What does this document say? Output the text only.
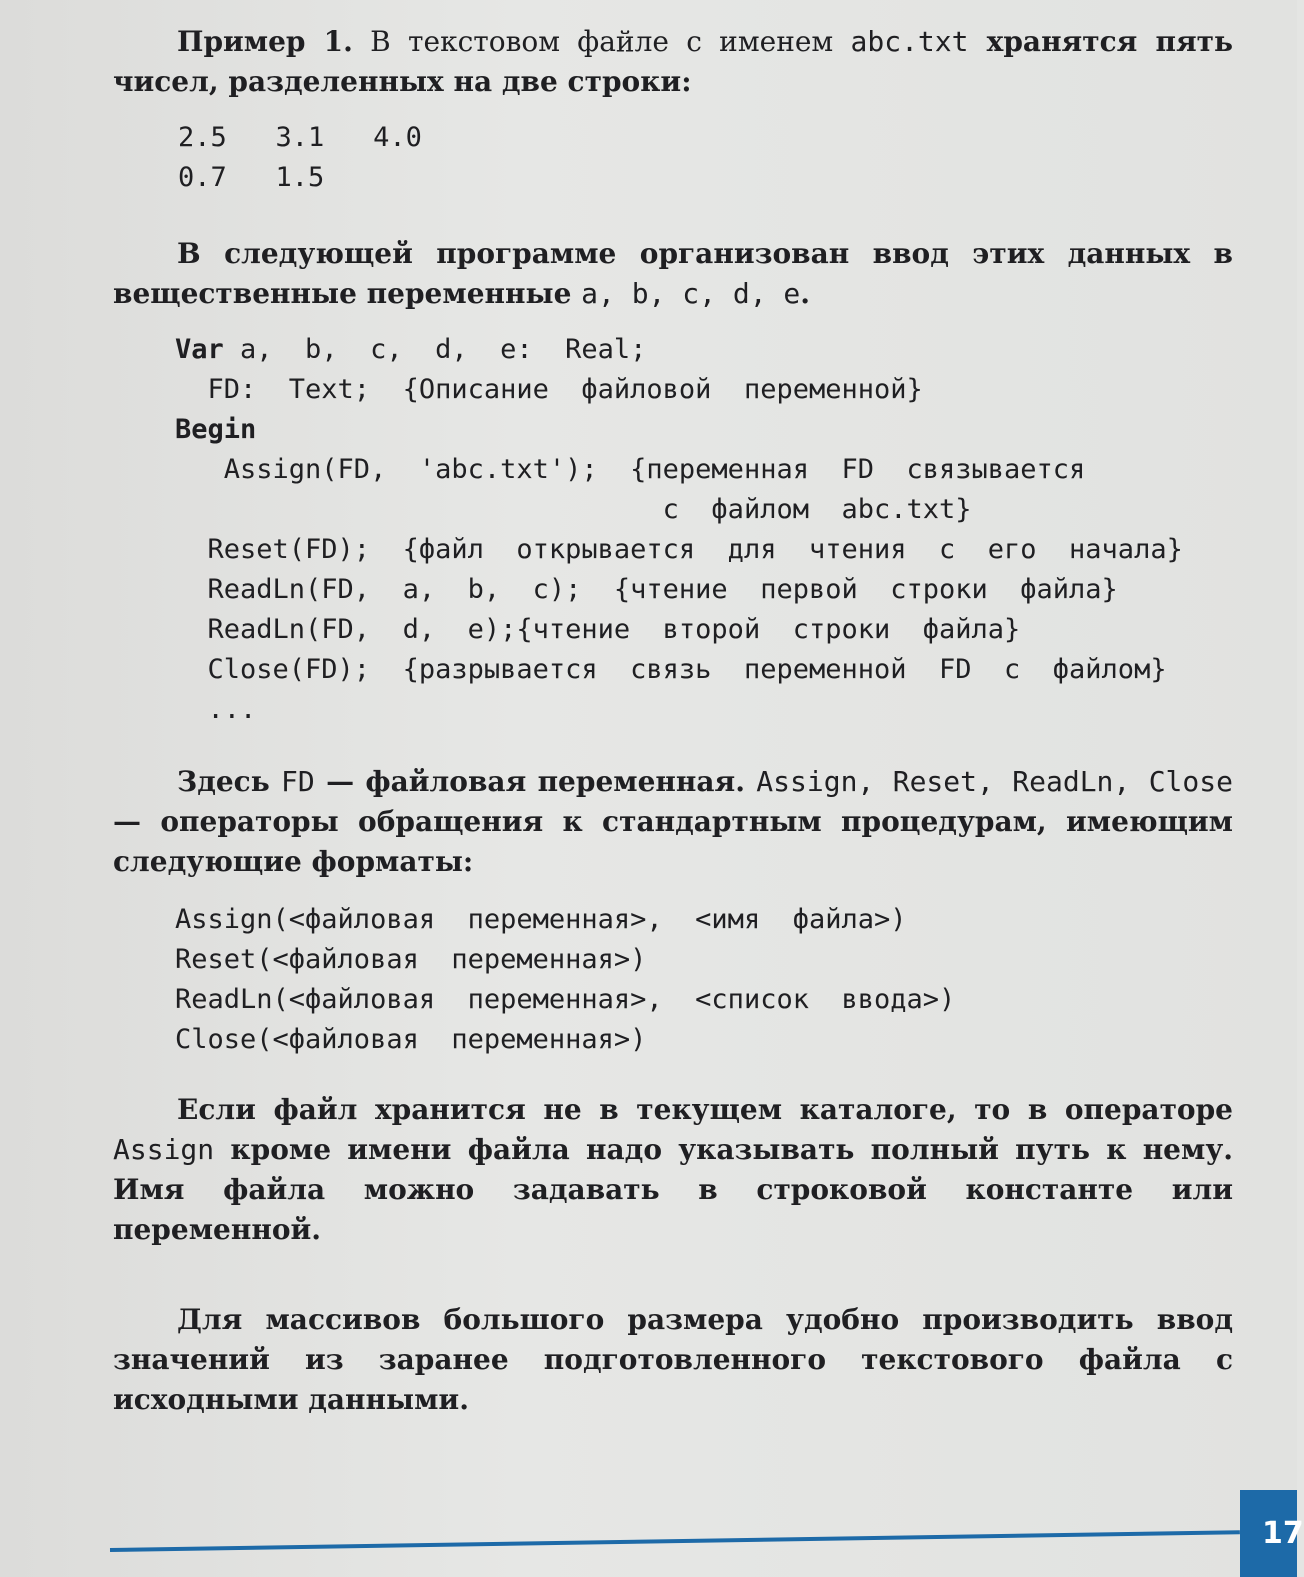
Пример 1. В текстовом файле с именем abc.txt хранятся пять чисел, разделенных на две строки:

2.5   3.1   4.0
0.7   1.5

В следующей программе организован ввод этих данных в вещественные переменные a, b, c, d, e.

Var a,  b,  c,  d,  e:  Real;
FD:  Text;  {Описание  файловой  переменной}
Begin
Assign(FD,  'abc.txt');  {переменная  FD  связывается
с  файлом  abc.txt}
Reset(FD);  {файл  открывается  для  чтения  с  его  начала}
ReadLn(FD,  a,  b,  c);  {чтение  первой  строки  файла}
ReadLn(FD,  d,  e);{чтение  второй  строки  файла}
Close(FD);  {разрывается  связь  переменной  FD  с  файлом}
...

Здесь FD — файловая переменная. Assign, Reset, ReadLn, Close — операторы обращения к стандартным процедурам, имеющим следующие форматы:

Assign(<файловая  переменная>,  <имя  файла>)
Reset(<файловая  переменная>)
ReadLn(<файловая  переменная>,  <список  ввода>)
Close(<файловая  переменная>)

Если файл хранится не в текущем каталоге, то в операторе Assign кроме имени файла надо указывать полный путь к нему. Имя файла можно задавать в строковой константе или переменной.

Для массивов большого размера удобно производить ввод значений из заранее подготовленного текстового файла с исходными данными.

17
